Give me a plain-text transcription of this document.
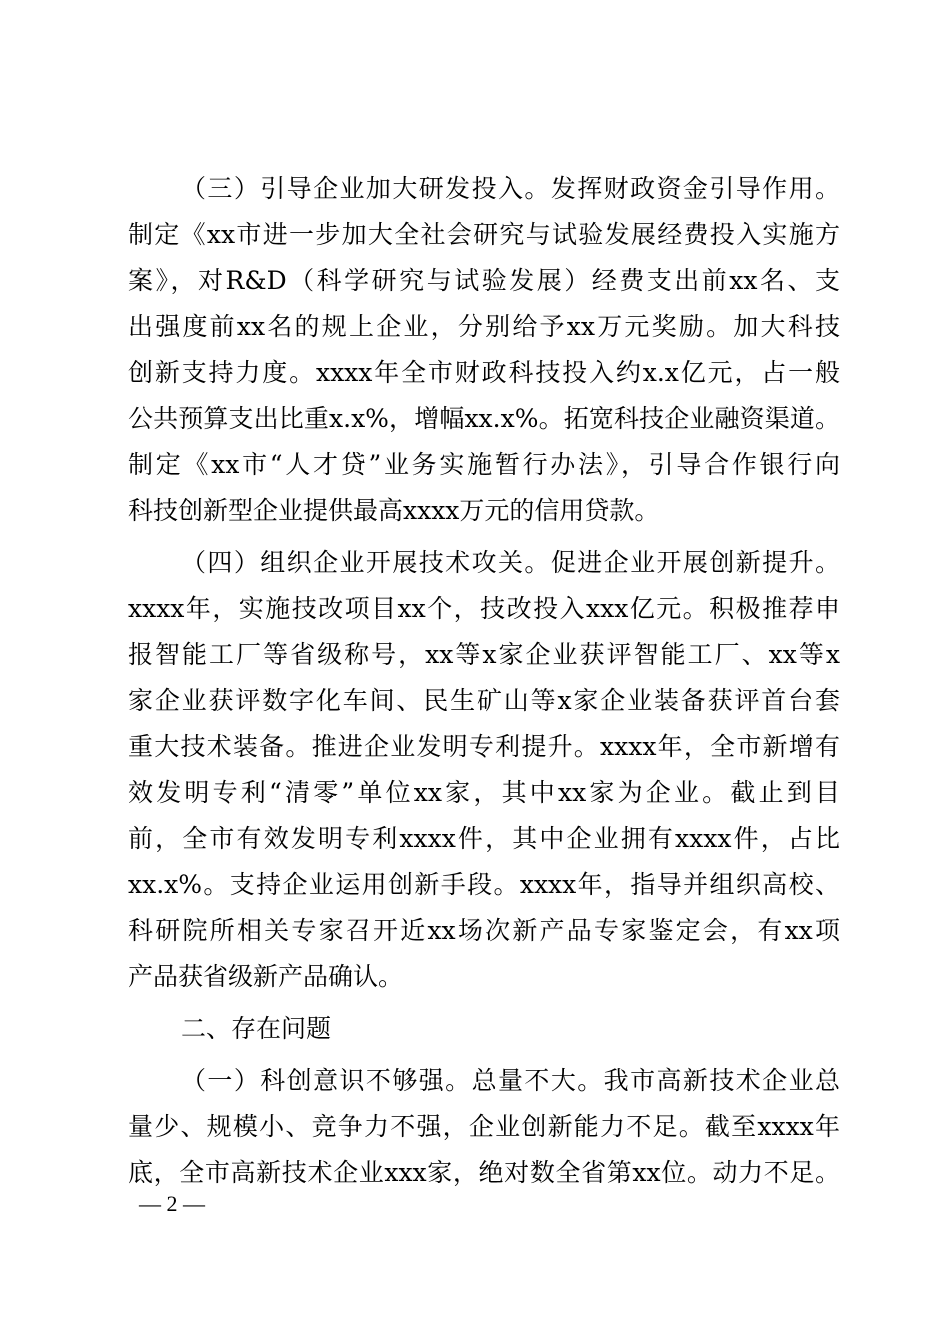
（三）引导企业加大研发投入。发挥财政资金引导作用。
制定《xx市进一步加大全社会研究与试验发展经费投入实施方
案》，对R&D（科学研究与试验发展）经费支出前xx名、支
出强度前xx名的规上企业，分别给予xx万元奖励。加大科技
创新支持力度。xxxx年全市财政科技投入约x.x亿元，占一般
公共预算支出比重x.x%，增幅xx.x%。拓宽科技企业融资渠道。
制定《xx市“人才贷”业务实施暂行办法》，引导合作银行向
科技创新型企业提供最高xxxx万元的信用贷款。
（四）组织企业开展技术攻关。促进企业开展创新提升。
xxxx年，实施技改项目xx个，技改投入xxx亿元。积极推荐申
报智能工厂等省级称号，xx等x家企业获评智能工厂、xx等x
家企业获评数字化车间、民生矿山等x家企业装备获评首台套
重大技术装备。推进企业发明专利提升。xxxx年，全市新增有
效发明专利“清零”单位xx家，其中xx家为企业。截止到目
前，全市有效发明专利xxxx件，其中企业拥有xxxx件，占比
xx.x%。支持企业运用创新手段。xxxx年，指导并组织高校、
科研院所相关专家召开近xx场次新产品专家鉴定会，有xx项
产品获省级新产品确认。
二、存在问题
（一）科创意识不够强。总量不大。我市高新技术企业总
量少、规模小、竞争力不强，企业创新能力不足。截至xxxx年
底，全市高新技术企业xxx家，绝对数全省第xx位。动力不足。
— 2 —
